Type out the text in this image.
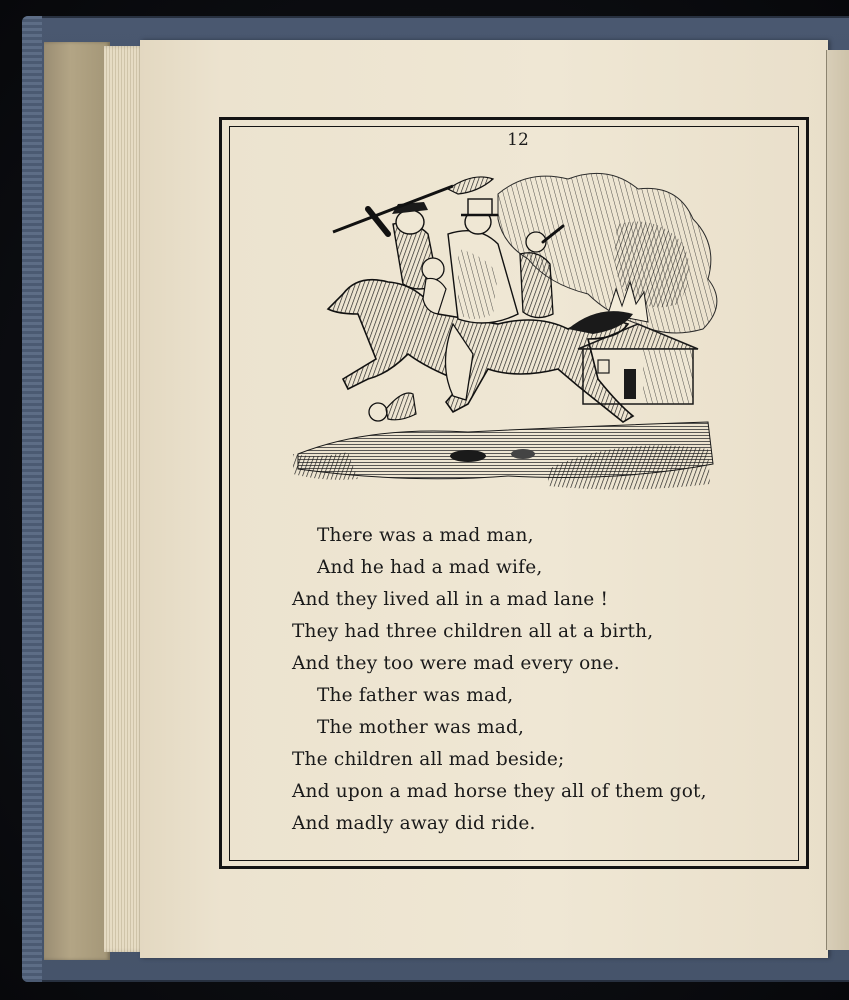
12
There was a mad man,
And he had a mad wife,
And they lived all in a mad lane !
They had three children all at a birth,
And they too were mad every one.
The father was mad,
The mother was mad,
The children all mad beside;
And upon a mad horse they all of them got,
And madly away did ride.
